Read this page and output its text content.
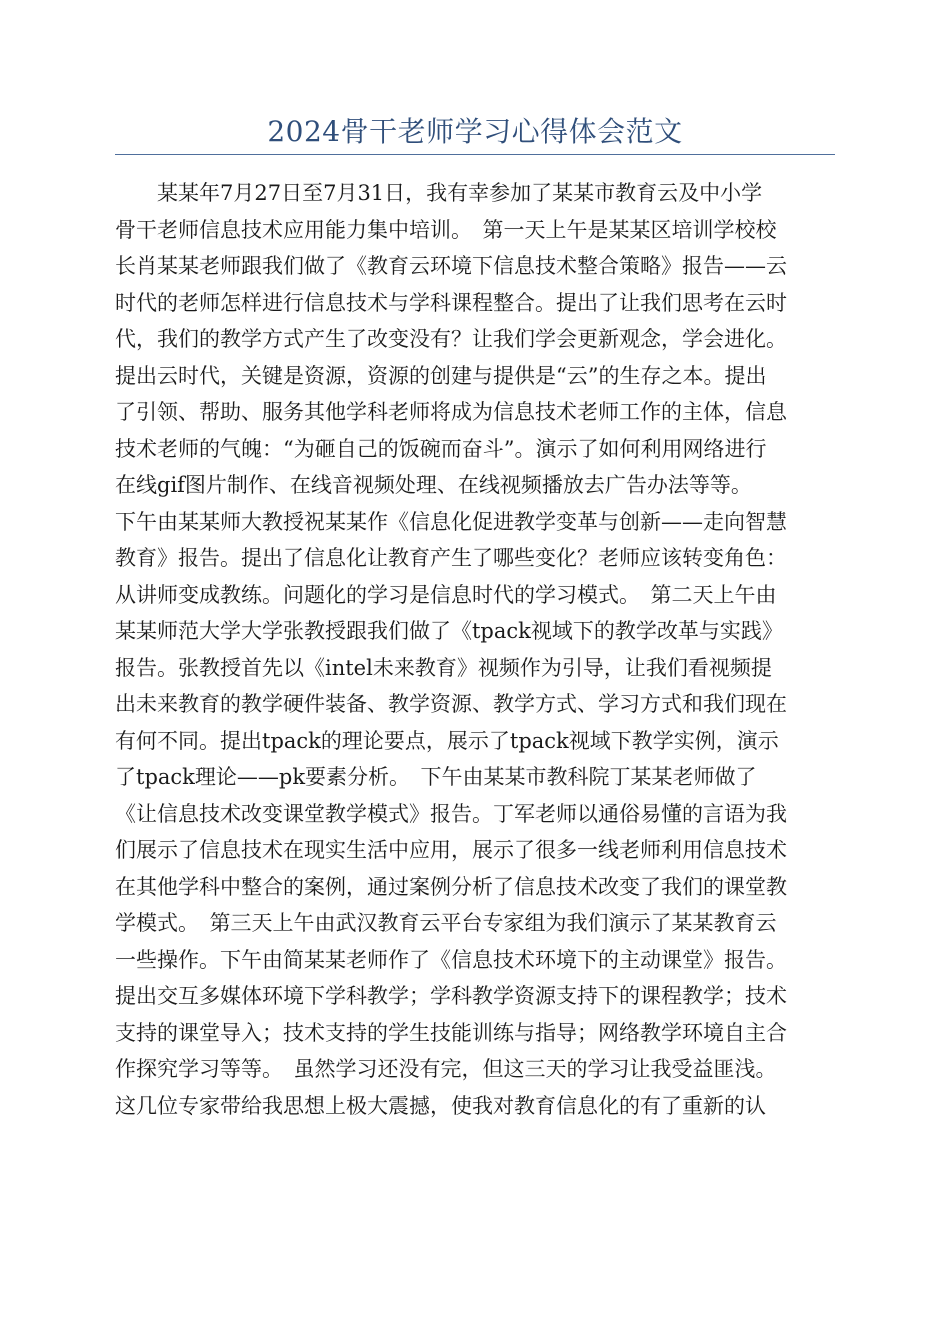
2024骨干老师学习心得体会范文
　　某某年7月27日至7月31日，我有幸参加了某某市教育云及中小学
骨干老师信息技术应用能力集中培训。　第一天上午是某某区培训学校校
长肖某某老师跟我们做了《教育云环境下信息技术整合策略》报告——云
时代的老师怎样进行信息技术与学科课程整合。提出了让我们思考在云时
代，我们的教学方式产生了改变没有？让我们学会更新观念，学会进化。
提出云时代，关键是资源，资源的创建与提供是“云”的生存之本。提出
了引领、帮助、服务其他学科老师将成为信息技术老师工作的主体，信息
技术老师的气魄：“为砸自己的饭碗而奋斗”。演示了如何利用网络进行
在线gif图片制作、在线音视频处理、在线视频播放去广告办法等等。
下午由某某师大教授祝某某作《信息化促进教学变革与创新——走向智慧
教育》报告。提出了信息化让教育产生了哪些变化？老师应该转变角色：
从讲师变成教练。问题化的学习是信息时代的学习模式。　第二天上午由
某某师范大学大学张教授跟我们做了《tpack视域下的教学改革与实践》
报告。张教授首先以《intel未来教育》视频作为引导，让我们看视频提
出未来教育的教学硬件装备、教学资源、教学方式、学习方式和我们现在
有何不同。提出tpack的理论要点，展示了tpack视域下教学实例，演示
了tpack理论——pk要素分析。　下午由某某市教科院丁某某老师做了
《让信息技术改变课堂教学模式》报告。丁军老师以通俗易懂的言语为我
们展示了信息技术在现实生活中应用，展示了很多一线老师利用信息技术
在其他学科中整合的案例，通过案例分析了信息技术改变了我们的课堂教
学模式。　第三天上午由武汉教育云平台专家组为我们演示了某某教育云
一些操作。下午由简某某老师作了《信息技术环境下的主动课堂》报告。
提出交互多媒体环境下学科教学；学科教学资源支持下的课程教学；技术
支持的课堂导入；技术支持的学生技能训练与指导；网络教学环境自主合
作探究学习等等。　虽然学习还没有完，但这三天的学习让我受益匪浅。
这几位专家带给我思想上极大震撼，使我对教育信息化的有了重新的认
